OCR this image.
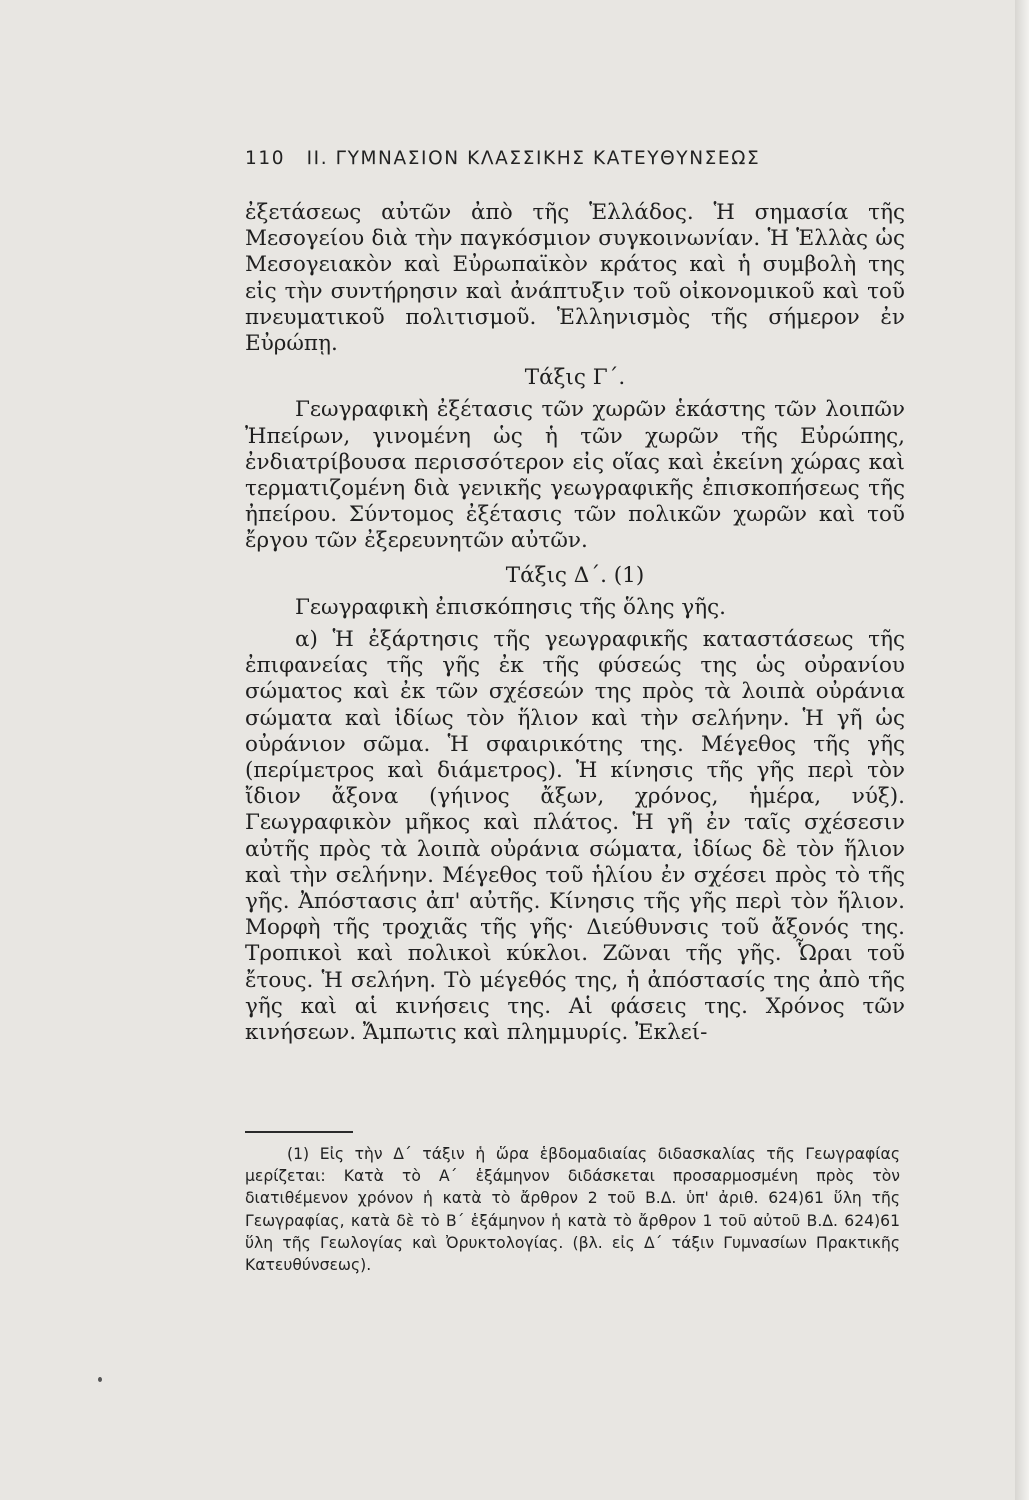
110 ΙΙ. ΓΥΜΝΑΣΙΟΝ ΚΛΑΣΣΙΚΗΣ ΚΑΤΕΥΘΥΝΣΕΩΣ

ἐξετάσεως αὐτῶν ἀπὸ τῆς Ἑλλάδος. Ἡ σημασία τῆς Μεσογείου διὰ τὴν παγκόσμιον συγκοινωνίαν. Ἡ Ἑλλὰς ὡς Μεσογειακὸν καὶ Εὐρωπαϊκὸν κράτος καὶ ἡ συμβολὴ της εἰς τὴν συντήρησιν καὶ ἀνάπτυξιν τοῦ οἰκονομικοῦ καὶ τοῦ πνευματικοῦ πολιτισμοῦ. Ἑλληνισμὸς τῆς σήμερον ἐν Εὐρώπῃ.

Τάξις Γ΄.

Γεωγραφικὴ ἐξέτασις τῶν χωρῶν ἑκάστης τῶν λοιπῶν Ἠπείρων, γινομένη ὡς ἡ τῶν χωρῶν τῆς Εὐρώπης, ἐνδιατρίβουσα περισσότερον εἰς οἵας καὶ ἐκείνη χώρας καὶ τερματιζομένη διὰ γενικῆς γεωγραφικῆς ἐπισκοπήσεως τῆς ἠπείρου. Σύντομος ἐξέτασις τῶν πολικῶν χωρῶν καὶ τοῦ ἔργου τῶν ἐξερευνητῶν αὐτῶν.

Τάξις Δ΄. (1)

Γεωγραφικὴ ἐπισκόπησις τῆς ὅλης γῆς.

α) Ἡ ἐξάρτησις τῆς γεωγραφικῆς καταστάσεως τῆς ἐπιφανείας τῆς γῆς ἐκ τῆς φύσεώς της ὡς οὐρανίου σώματος καὶ ἐκ τῶν σχέσεών της πρὸς τὰ λοιπὰ οὐράνια σώματα καὶ ἰδίως τὸν ἥλιον καὶ τὴν σελήνην. Ἡ γῆ ὡς οὐράνιον σῶμα. Ἡ σφαιρικότης της. Μέγεθος τῆς γῆς (περίμετρος καὶ διάμετρος). Ἡ κίνησις τῆς γῆς περὶ τὸν ἴδιον ἄξονα (γήινος ἄξων, χρόνος, ἡμέρα, νύξ). Γεωγραφικὸν μῆκος καὶ πλάτος. Ἡ γῆ ἐν ταῖς σχέσεσιν αὐτῆς πρὸς τὰ λοιπὰ οὐράνια σώματα, ἰδίως δὲ τὸν ἥλιον καὶ τὴν σελήνην. Μέγεθος τοῦ ἡλίου ἐν σχέσει πρὸς τὸ τῆς γῆς. Ἀπόστασις ἀπ' αὐτῆς. Κίνησις τῆς γῆς περὶ τὸν ἥλιον. Μορφὴ τῆς τροχιᾶς τῆς γῆς· Διεύθυνσις τοῦ ἄξονός της. Τροπικοὶ καὶ πολικοὶ κύκλοι. Ζῶναι τῆς γῆς. Ὧραι τοῦ ἔτους. Ἡ σελήνη. Τὸ μέγεθός της, ἡ ἀπόστασίς της ἀπὸ τῆς γῆς καὶ αἱ κινήσεις της. Αἱ φάσεις της. Χρόνος τῶν κινήσεων. Ἄμπωτις καὶ πλημμυρίς. Ἐκλεί-

(1) Εἰς τὴν Δ΄ τάξιν ἡ ὥρα ἑβδομαδιαίας διδασκαλίας τῆς Γεωγραφίας μερίζεται: Κατὰ τὸ Α΄ ἑξάμηνον διδάσκεται προσαρμοσμένη πρὸς τὸν διατιθέμενον χρόνον ἡ κατὰ τὸ ἄρθρον 2 τοῦ Β.Δ. ὑπ' ἀριθ. 624)61 ὕλη τῆς Γεωγραφίας, κατὰ δὲ τὸ Β΄ ἑξάμηνον ἡ κατὰ τὸ ἄρθρον 1 τοῦ αὐτοῦ Β.Δ. 624)61 ὕλη τῆς Γεωλογίας καὶ Ὀρυκτολογίας. (βλ. εἰς Δ΄ τάξιν Γυμνασίων Πρακτικῆς Κατευθύνσεως).
